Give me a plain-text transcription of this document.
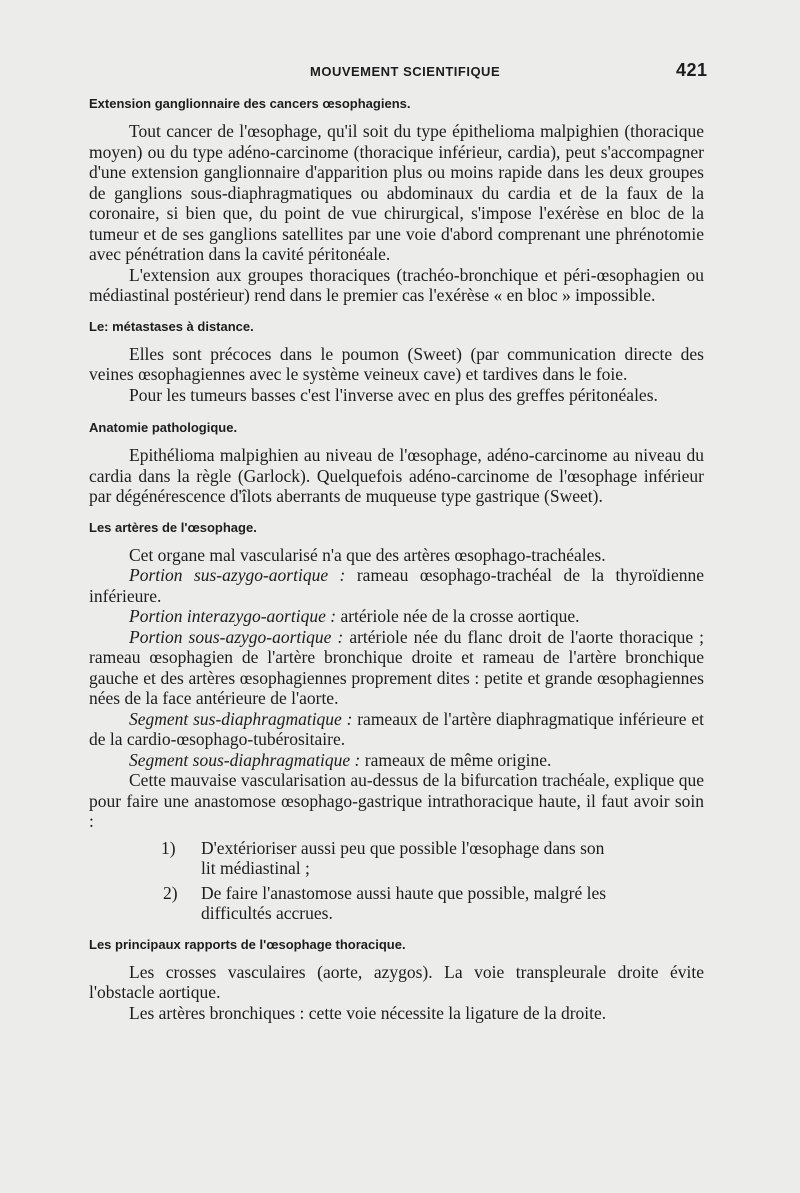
MOUVEMENT SCIENTIFIQUE	421
Extension ganglionnaire des cancers œsophagiens.

Tout cancer de l'œsophage, qu'il soit du type épithelioma malpighien (thoracique moyen) ou du type adéno-carcinome (thoracique inférieur, cardia), peut s'accompagner d'une extension ganglionnaire d'apparition plus ou moins rapide dans les deux groupes de ganglions sous-diaphragmatiques ou abdominaux du cardia et de la faux de la coronaire, si bien que, du point de vue chirurgical, s'impose l'exérèse en bloc de la tumeur et de ses ganglions satellites par une voie d'abord comprenant une phrénotomie avec pénétration dans la cavité péritonéale.

L'extension aux groupes thoraciques (trachéo-bronchique et péri-œsophagien ou médiastinal postérieur) rend dans le premier cas l'exérèse « en bloc » impossible.

Le: métastases à distance.

Elles sont précoces dans le poumon (Sweet) (par communication directe des veines œsophagiennes avec le système veineux cave) et tardives dans le foie.

Pour les tumeurs basses c'est l'inverse avec en plus des greffes péritonéales.

Anatomie pathologique.

Epithélioma malpighien au niveau de l'œsophage, adéno-carcinome au niveau du cardia dans la règle (Garlock). Quelquefois adéno-carcinome de l'œsophage inférieur par dégénérescence d'îlots aberrants de muqueuse type gastrique (Sweet).

Les artères de l'œsophage.

Cet organe mal vascularisé n'a que des artères œsophago-trachéales.

Portion sus-azygo-aortique : rameau œsophago-trachéal de la thyroïdienne inférieure.

Portion interazygo-aortique : artériole née de la crosse aortique.

Portion sous-azygo-aortique : artériole née du flanc droit de l'aorte thoracique ; rameau œsophagien de l'artère bronchique droite et rameau de l'artère bronchique gauche et des artères œsophagiennes proprement dites : petite et grande œsophagiennes nées de la face antérieure de l'aorte.

Segment sus-diaphragmatique : rameaux de l'artère diaphragmatique inférieure et de la cardio-œsophago-tubérositaire.

Segment sous-diaphragmatique : rameaux de même origine.

Cette mauvaise vascularisation au-dessus de la bifurcation trachéale, explique que pour faire une anastomose œsophago-gastrique intrathoracique haute, il faut avoir soin :

1) D'extérioriser aussi peu que possible l'œsophage dans son
lit médiastinal ;

2) De faire l'anastomose aussi haute que possible, malgré les
difficultés accrues.

Les principaux rapports de l'œsophage thoracique.

Les crosses vasculaires (aorte, azygos). La voie transpleurale droite évite l'obstacle aortique.

Les artères bronchiques : cette voie nécessite la ligature de la droite.
